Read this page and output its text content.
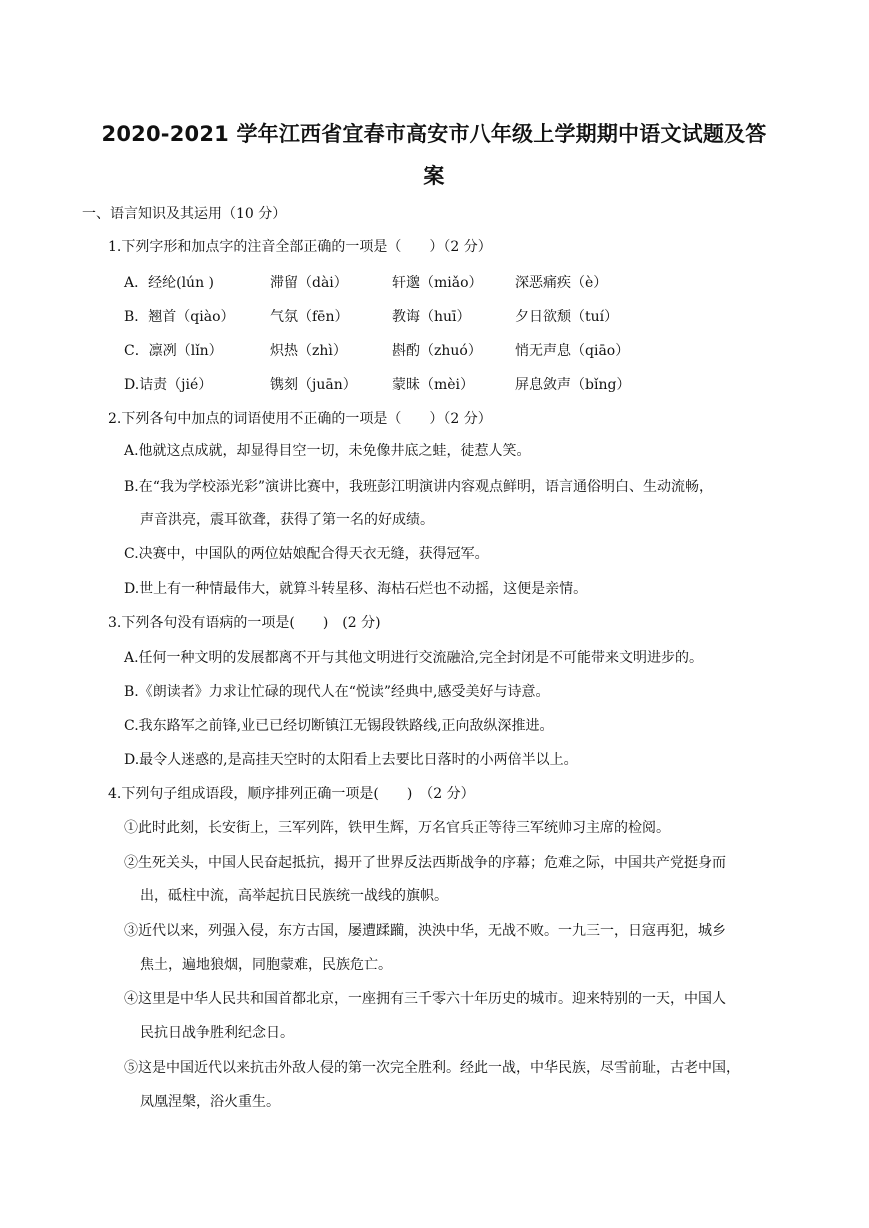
2020-2021 学年江西省宜春市高安市八年级上学期期中语文试题及答
案
一、语言知识及其运用（10 分）
1.下列字形和加点字的注音全部正确的一项是（　　）（2 分）
A．经纶(lún )	滞留（dài）	轩邈（miǎo） 深恶痛疾（è）
B．翘首（qiào）	气氛（fēn）	教诲（huī）	夕日欲颓（tuí）
C．凛冽（lǐn）	炽热（zhì）	斟酌（zhuó） 悄无声息（qiāo）
D.诘责（jié）	镌刻（juān）	蒙昧（mèi）	屏息敛声（bǐng）
2.下列各句中加点的词语使用不正确的一项是（　　）（2 分）
A.他就这点成就，却显得目空一切，未免像井底之蛙，徒惹人笑。
B.在“我为学校添光彩”演讲比赛中，我班彭江明演讲内容观点鲜明，语言通俗明白、生动流畅，
声音洪亮，震耳欲聋，获得了第一名的好成绩。
C.决赛中，中国队的两位姑娘配合得天衣无缝，获得冠军。
D.世上有一种情最伟大，就算斗转星移、海枯石烂也不动摇，这便是亲情。
3.下列各句没有语病的一项是(　　)　(2 分)
A.任何一种文明的发展都离不开与其他文明进行交流融洽,完全封闭是不可能带来文明进步的。
B.《朗读者》力求让忙碌的现代人在“悦读”经典中,感受美好与诗意。
C.我东路军之前锋,业已已经切断镇江无锡段铁路线,正向敌纵深推进。
D.最令人迷惑的,是高挂天空时的太阳看上去要比日落时的小两倍半以上。
4.下列句子组成语段，顺序排列正确一项是(　　)　（2 分）
①此时此刻，长安街上，三军列阵，铁甲生辉，万名官兵正等待三军统帅习主席的检阅。
②生死关头，中国人民奋起抵抗，揭开了世界反法西斯战争的序幕；危难之际，中国共产党挺身而
出，砥柱中流，高举起抗日民族统一战线的旗帜。
③近代以来，列强入侵，东方古国，屡遭蹂躏，泱泱中华，无战不败。一九三一，日寇再犯，城乡
焦土，遍地狼烟，同胞蒙难，民族危亡。
④这里是中华人民共和国首都北京，一座拥有三千零六十年历史的城市。迎来特别的一天，中国人
民抗日战争胜利纪念日。
⑤这是中国近代以来抗击外敌人侵的第一次完全胜利。经此一战，中华民族，尽雪前耻，古老中国，
凤凰涅槃，浴火重生。
